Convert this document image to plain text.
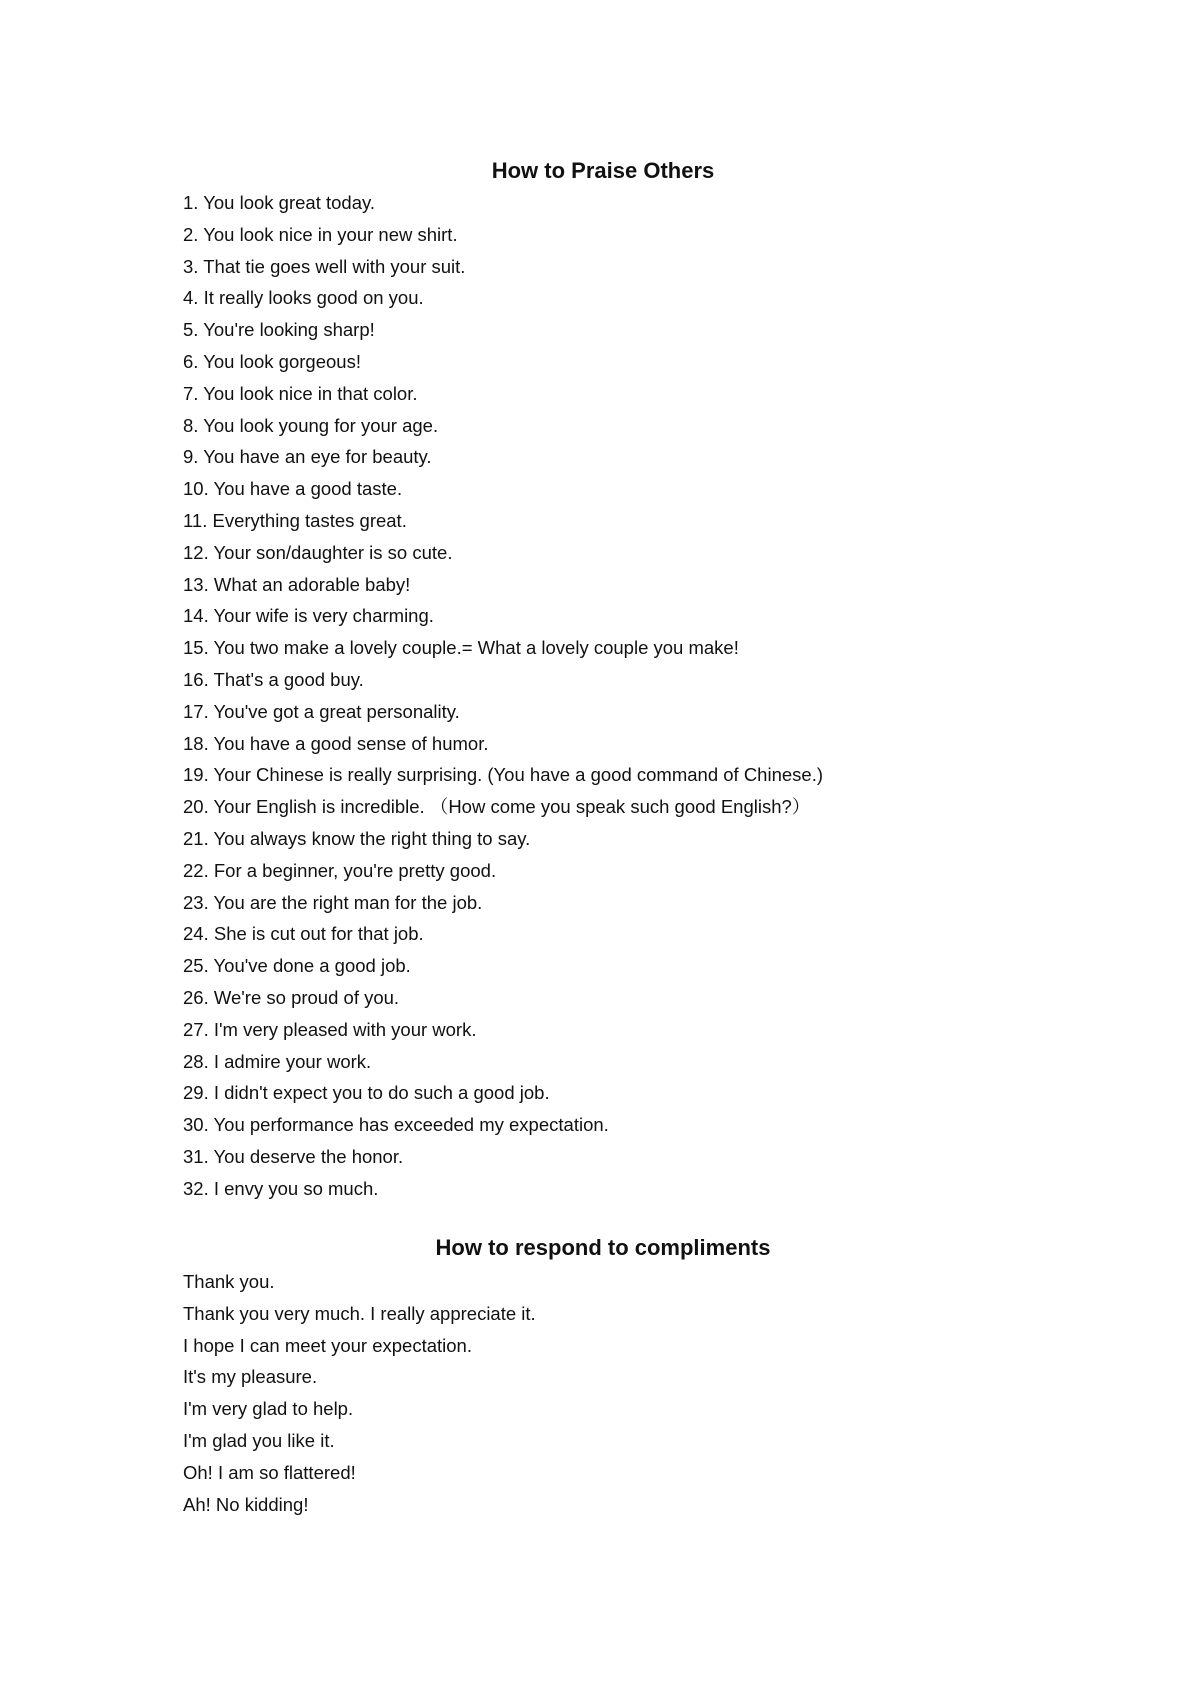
How to Praise Others
1. You look great today.
2. You look nice in your new shirt.
3. That tie goes well with your suit.
4. It really looks good on you.
5. You're looking sharp!
6. You look gorgeous!
7. You look nice in that color.
8. You look young for your age.
9. You have an eye for beauty.
10. You have a good taste.
11. Everything tastes great.
12. Your son/daughter is so cute.
13. What an adorable baby!
14. Your wife is very charming.
15. You two make a lovely couple.= What a lovely couple you make!
16. That's a good buy.
17. You've got a great personality.
18. You have a good sense of humor.
19. Your Chinese is really surprising. (You have a good command of Chinese.)
20. Your English is incredible. （How come you speak such good English?）
21. You always know the right thing to say.
22. For a beginner, you're pretty good.
23. You are the right man for the job.
24. She is cut out for that job.
25. You've done a good job.
26. We're so proud of you.
27. I'm very pleased with your work.
28. I admire your work.
29. I didn't expect you to do such a good job.
30. You performance has exceeded my expectation.
31. You deserve the honor.
32. I envy you so much.
How to respond to compliments
Thank you.
Thank you very much. I really appreciate it.
I hope I can meet your expectation.
It's my pleasure.
I'm very glad to help.
I'm glad you like it.
Oh! I am so flattered!
Ah! No kidding!
